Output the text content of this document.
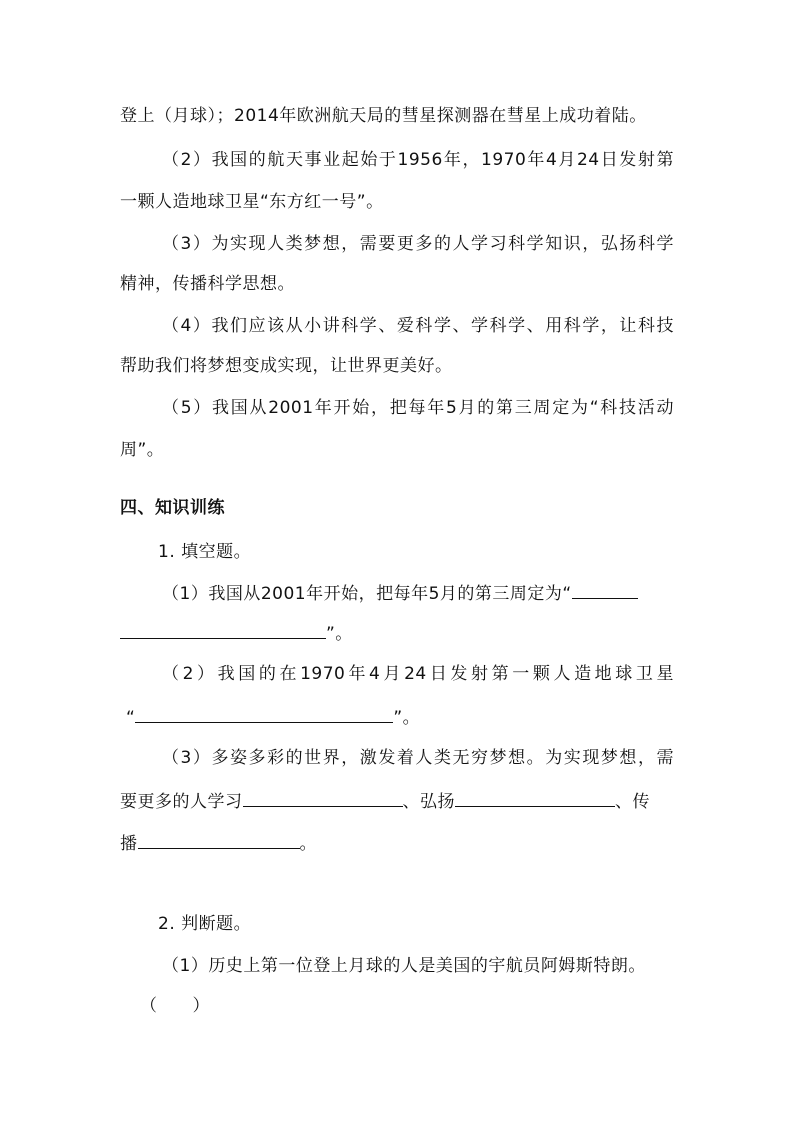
登上（月球）；2014年欧洲航天局的彗星探测器在彗星上成功着陆。
（2）我国的航天事业起始于1956年，1970年4月24日发射第
一颗人造地球卫星“东方红一号”。
（3）为实现人类梦想，需要更多的人学习科学知识，弘扬科学
精神，传播科学思想。
（4）我们应该从小讲科学、爱科学、学科学、用科学，让科技
帮助我们将梦想变成实现，让世界更美好。
（5）我国从2001年开始，把每年5月的第三周定为“科技活动
周”。
四、知识训练
1. 填空题。
（1）我国从2001年开始，把每年5月的第三周定为“
”。
（2）我国的在1970年4月24日发射第一颗人造地球卫星
“	”。
（3）多姿多彩的世界，激发着人类无穷梦想。为实现梦想，需
要更多的人学习	、弘扬	、传
播	。
2. 判断题。
（1）历史上第一位登上月球的人是美国的宇航员阿姆斯特朗。
（　　）
